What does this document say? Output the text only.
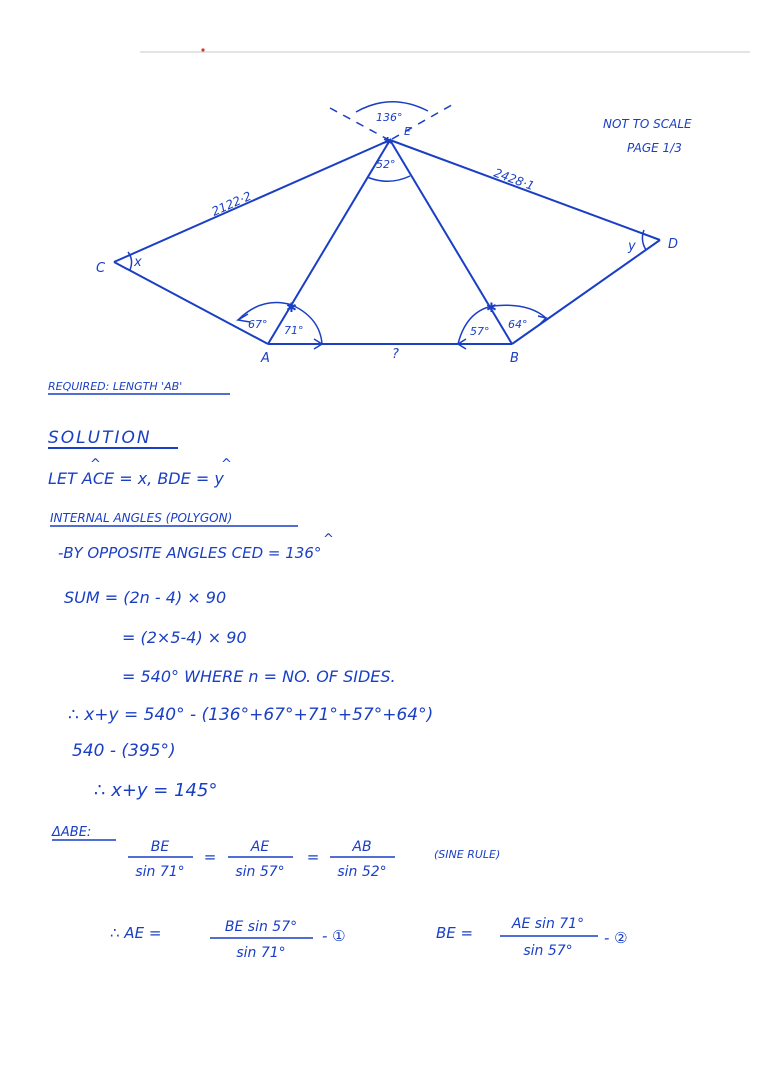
NOT TO SCALE
PAGE 1/3
✱	✱
✱
E
C
D
A	B
2122·2
2428·1
?
136°
52°
67° 71°	57°
64°
x
y
REQUIRED: LENGTH 'AB'
SOLUTION
LET ACE = x, BDE = y
^	^
INTERNAL ANGLES (POLYGON)
-BY OPPOSITE ANGLES CED = 136°
^
SUM = (2n - 4) × 90
= (2×5-4) × 90
= 540° WHERE n = NO. OF SIDES.
∴ x+y = 540° - (136°+67°+71°+57°+64°)
540 - (395°)
∴ x+y = 145°
ΔABE:
BE
sin 71°
=
AE
sin 57°
=
AB
sin 52°
(SINE RULE)
∴ AE =	BE sin 57°
sin 71°
- ①	BE =	AE sin 71°
sin 57°
- ②
